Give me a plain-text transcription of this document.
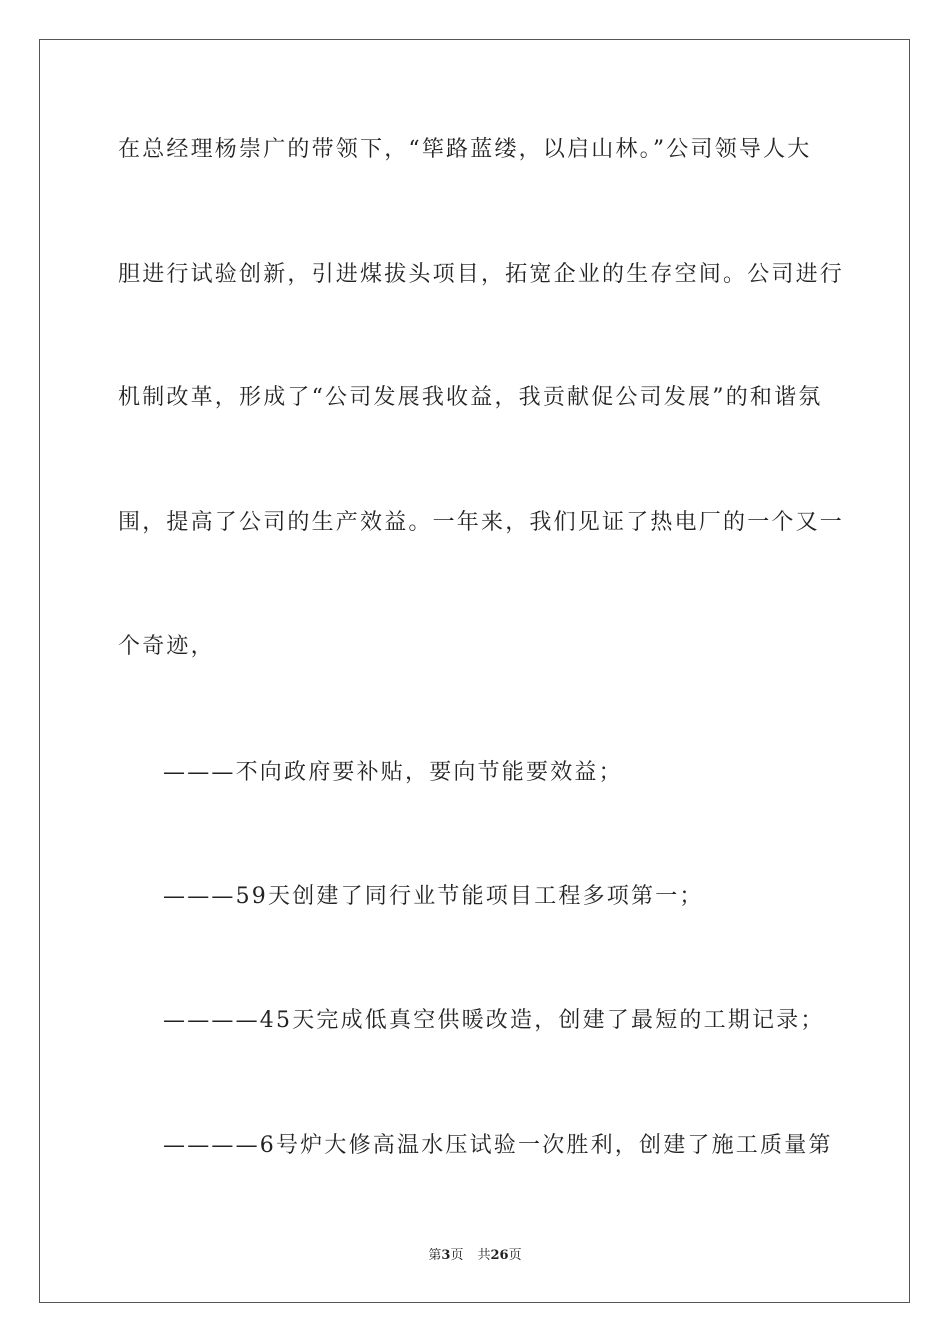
在总经理杨崇广的带领下，“筚路蓝缕，以启山林。”公司领导人大
胆进行试验创新，引进煤拔头项目，拓宽企业的生存空间。公司进行
机制改革，形成了“公司发展我收益，我贡献促公司发展”的和谐氛
围，提高了公司的生产效益。一年来，我们见证了热电厂的一个又一
个奇迹，
———不向政府要补贴，要向节能要效益；
———59天创建了同行业节能项目工程多项第一；
————45天完成低真空供暖改造，创建了最短的工期记录；
————6号炉大修高温水压试验一次胜利，创建了施工质量第
第3页 共26页
